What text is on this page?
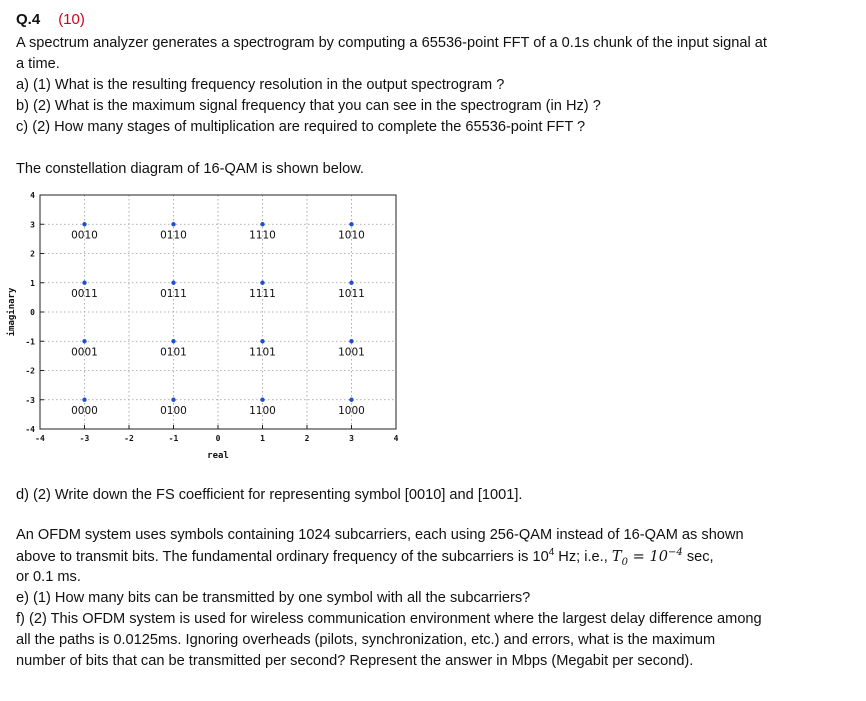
Q.4 (10)
A spectrum analyzer generates a spectrogram by computing a 65536-point FFT of a 0.1s chunk of the input signal at
a time.
a) (1) What is the resulting frequency resolution in the output spectrogram ?
b) (2) What is the maximum signal frequency that you can see in the spectrogram (in Hz) ?
c) (2) How many stages of multiplication are required to complete the 65536-point FFT ?
The constellation diagram of 16-QAM is shown below.
-4	-3	-2	-1	0	1	2	3	4
4
3
2
1
0
-1
-2
-3
-4
0010	0110	1110	1010
0011	0111	1111	1011
0001	0101	1101	1001
0000	0100	1100	1000
real
imaginary
d) (2) Write down the FS coefficient for representing symbol [0010] and [1001].
An OFDM system uses symbols containing 1024 subcarriers, each using 256-QAM instead of 16-QAM as shown
above to transmit bits. The fundamental ordinary frequency of the subcarriers is $10^4$ Hz; i.e., $T_0 = 10^{-4}$ sec,
or 0.1 ms.
e) (1) How many bits can be transmitted by one symbol with all the subcarriers?
f) (2) This OFDM system is used for wireless communication environment where the largest delay difference among
all the paths is 0.0125ms. Ignoring overheads (pilots, synchronization, etc.) and errors, what is the maximum
number of bits that can be transmitted per second? Represent the answer in Mbps (Megabit per second).
